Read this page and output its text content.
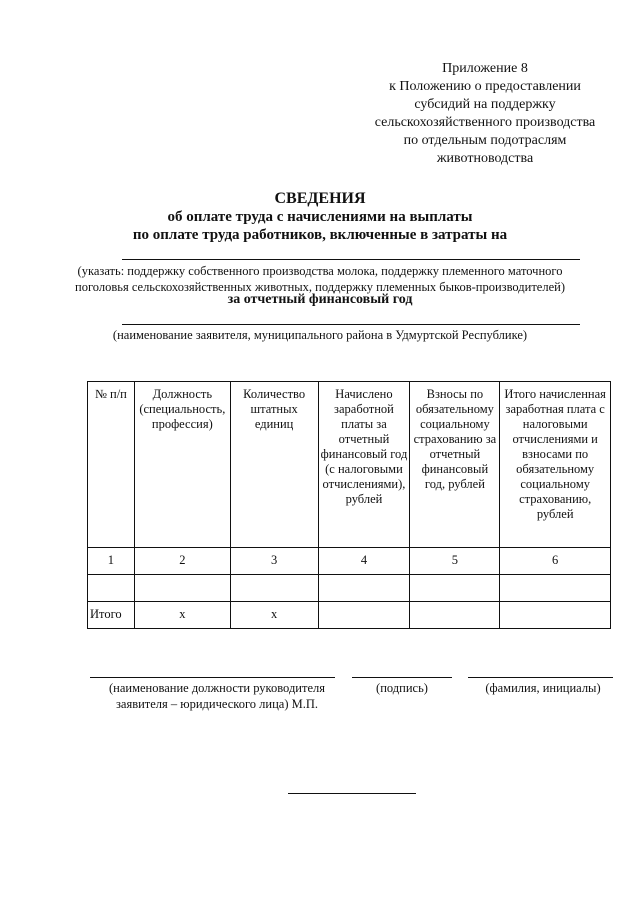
Приложение 8
к Положению о предоставлении
субсидий на поддержку
сельскохозяйственного производства
по отдельным подотраслям
животноводства
СВЕДЕНИЯ
об оплате труда с начислениями на выплаты
по оплате труда работников, включенные в затраты на
(указать: поддержку собственного производства молока, поддержку племенного маточного
поголовья сельскохозяйственных животных, поддержку племенных быков-производителей)
за отчетный финансовый год
(наименование заявителя, муниципального района в Удмуртской Республике)
№ п/п	Должность (специальность, профессия)	Количество штатных единиц	Начислено заработной платы за отчетный финансовый год (с налоговыми отчислениями), рублей	Взносы по обязательному социальному страхованию за отчетный финансовый год, рублей	Итого начисленная заработная плата с налоговыми отчислениями и взносами по обязательному социальному страхованию, рублей
1	2	3	4	5	6

Итого	х	х			
(наименование должности руководителя
заявителя – юридического лица) М.П.
(подпись)	(фамилия, инициалы)
